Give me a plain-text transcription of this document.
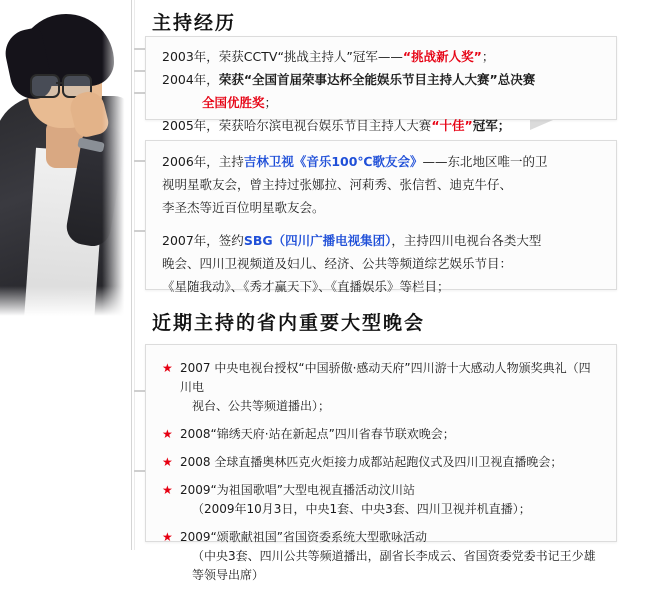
主持经历

2003年，荣获CCTV“挑战主持人”冠军——“挑战新人奖”；

2004年，荣获“全国首届荣事达杯全能娱乐节目主持人大赛”总决赛

全国优胜奖；

2005年，荣获哈尔滨电视台娱乐节目主持人大赛“十佳”冠军；

2006年，主持吉林卫视《音乐100℃歌友会》——东北地区唯一的卫

视明星歌友会，曾主持过张娜拉、河莉秀、张信哲、迪克牛仔、

李圣杰等近百位明星歌友会。

2007年，签约SBG（四川广播电视集团），主持四川电视台各类大型

晚会、四川卫视频道及妇儿、经济、公共等频道综艺娱乐节目：

《星随我动》、《秀才赢天下》、《直播娱乐》等栏目；

近期主持的省内重要大型晚会

★ 2007 中央电视台授权“中国骄傲·感动天府”四川游十大感动人物颁奖典礼（四川电
视台、公共等频道播出）；

★ 2008“锦绣天府·站在新起点”四川省春节联欢晚会；

★ 2008 全球直播奥林匹克火炬接力成都站起跑仪式及四川卫视直播晚会；

★ 2009“为祖国歌唱”大型电视直播活动汶川站
（2009年10月3日，中央1套、中央3套、四川卫视并机直播）；

★ 2009“颂歌献祖国”省国资委系统大型歌咏活动
（中央3套、四川公共等频道播出，副省长李成云、省国资委党委书记王少雄等领导出席）
